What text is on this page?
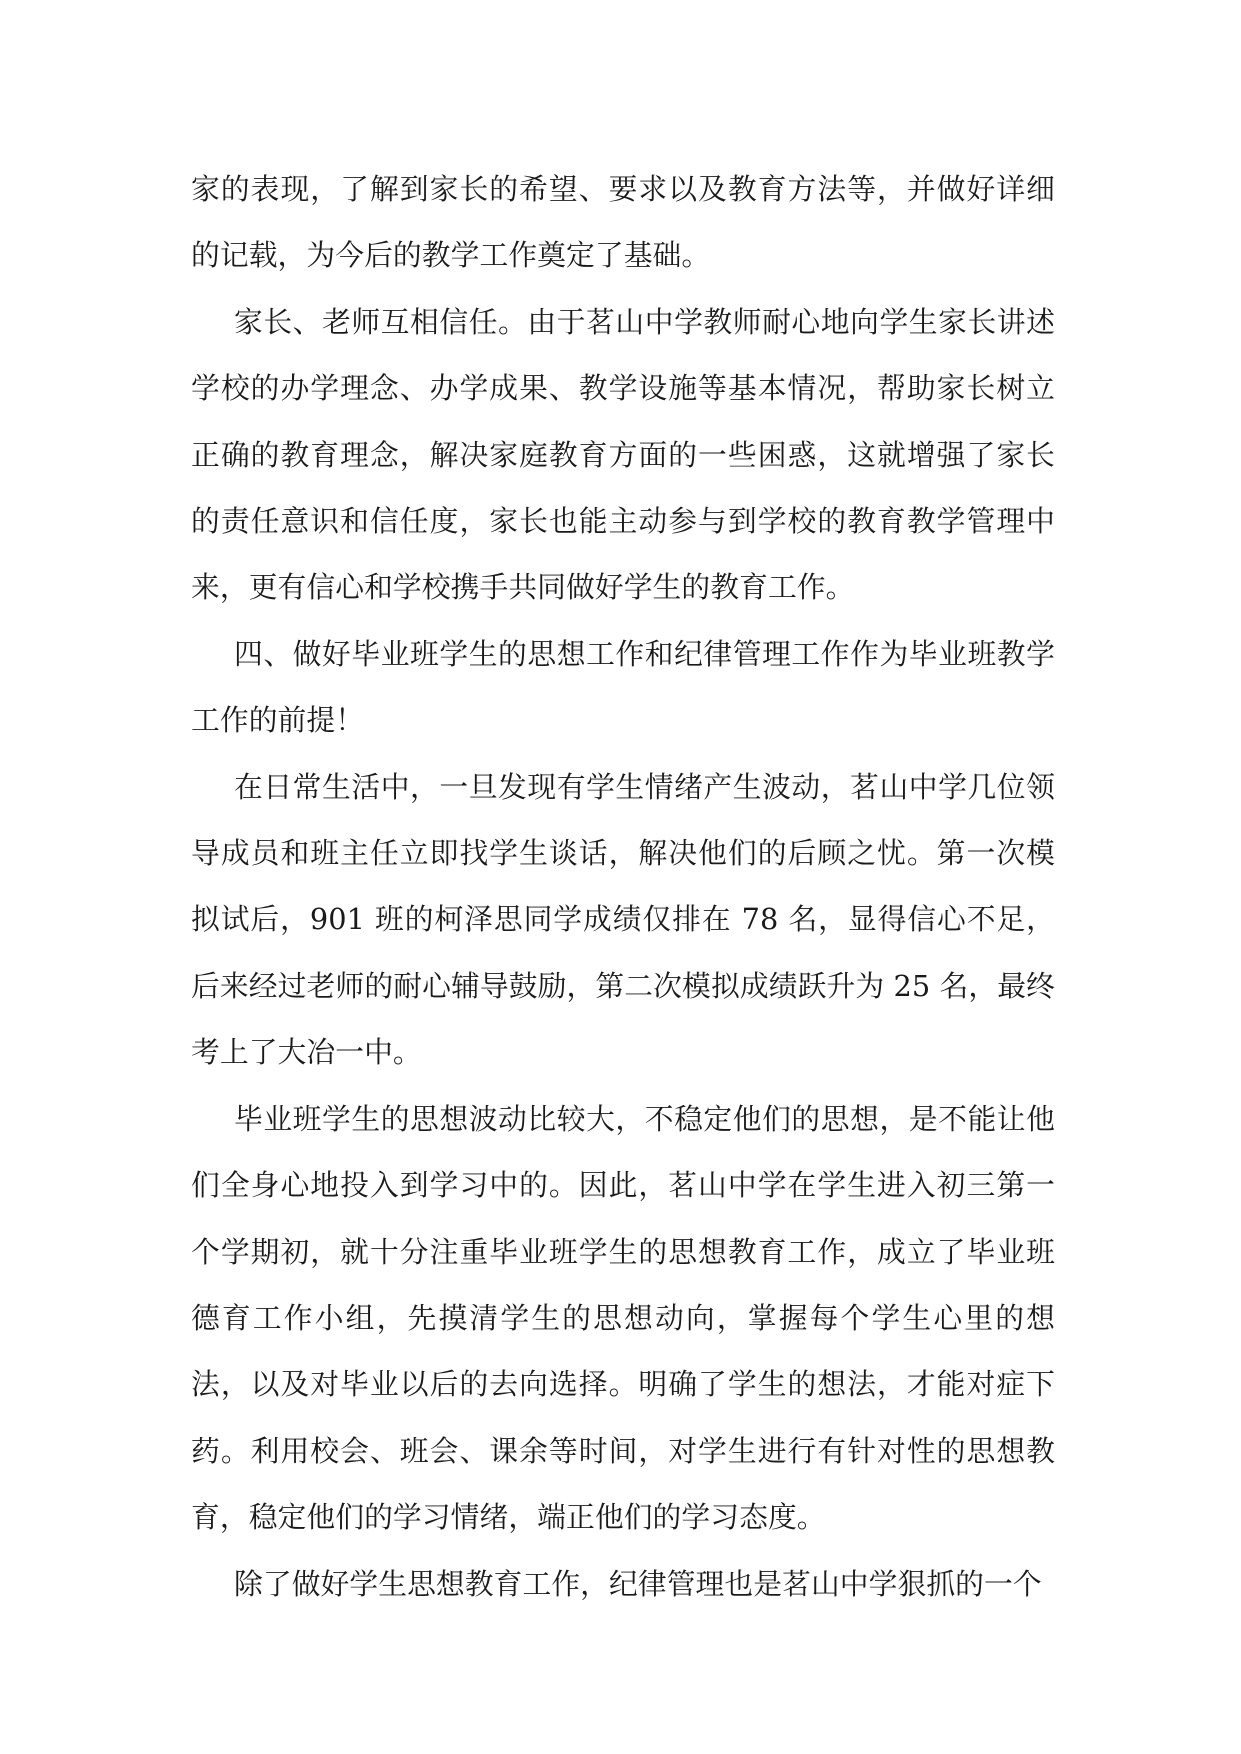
家的表现，了解到家长的希望、要求以及教育方法等，并做好详细的记载，为今后的教学工作奠定了基础。

家长、老师互相信任。由于茗山中学教师耐心地向学生家长讲述学校的办学理念、办学成果、教学设施等基本情况，帮助家长树立正确的教育理念，解决家庭教育方面的一些困惑，这就增强了家长的责任意识和信任度，家长也能主动参与到学校的教育教学管理中来，更有信心和学校携手共同做好学生的教育工作。

四、做好毕业班学生的思想工作和纪律管理工作作为毕业班教学工作的前提！

在日常生活中，一旦发现有学生情绪产生波动，茗山中学几位领导成员和班主任立即找学生谈话，解决他们的后顾之忧。第一次模拟试后，901 班的柯泽思同学成绩仅排在 78 名，显得信心不足，后来经过老师的耐心辅导鼓励，第二次模拟成绩跃升为 25 名，最终考上了大冶一中。

毕业班学生的思想波动比较大，不稳定他们的思想，是不能让他们全身心地投入到学习中的。因此，茗山中学在学生进入初三第一个学期初，就十分注重毕业班学生的思想教育工作，成立了毕业班德育工作小组，先摸清学生的思想动向，掌握每个学生心里的想法，以及对毕业以后的去向选择。明确了学生的想法，才能对症下药。利用校会、班会、课余等时间，对学生进行有针对性的思想教育，稳定他们的学习情绪，端正他们的学习态度。

除了做好学生思想教育工作，纪律管理也是茗山中学狠抓的一个
